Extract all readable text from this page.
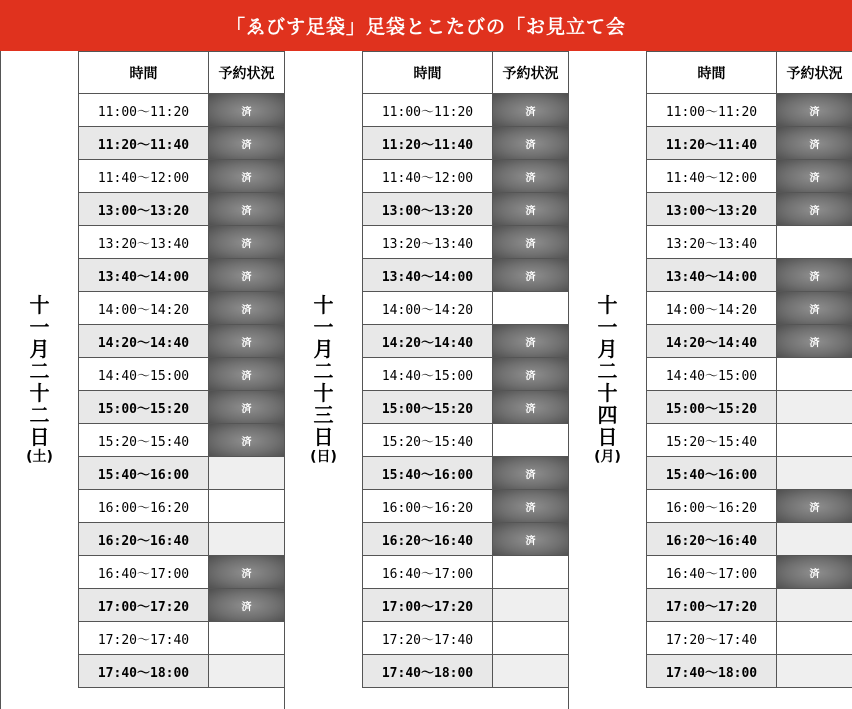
「ゑびす足袋」足袋とこたびの「お見立て会
十
一
月
二
十
二
日
(土)
時間	予約状況
11:00～11:20	済
11:20～11:40	済
11:40～12:00	済
13:00～13:20	済
13:20～13:40	済
13:40～14:00	済
14:00～14:20	済
14:20～14:40	済
14:40～15:00	済
15:00～15:20	済
15:20～15:40	済
15:40～16:00	
16:00～16:20	
16:20～16:40	
16:40～17:00	済
17:00～17:20	済
17:20～17:40	
17:40～18:00	
十
一
月
二
十
三
日
(日)
時間	予約状況
11:00～11:20	済
11:20～11:40	済
11:40～12:00	済
13:00～13:20	済
13:20～13:40	済
13:40～14:00	済
14:00～14:20	
14:20～14:40	済
14:40～15:00	済
15:00～15:20	済
15:20～15:40	
15:40～16:00	済
16:00～16:20	済
16:20～16:40	済
16:40～17:00	
17:00～17:20	
17:20～17:40	
17:40～18:00	
十
一
月
二
十
四
日
(月)
時間	予約状況
11:00～11:20	済
11:20～11:40	済
11:40～12:00	済
13:00～13:20	済
13:20～13:40	
13:40～14:00	済
14:00～14:20	済
14:20～14:40	済
14:40～15:00	
15:00～15:20	
15:20～15:40	
15:40～16:00	
16:00～16:20	済
16:20～16:40	
16:40～17:00	済
17:00～17:20	
17:20～17:40	
17:40～18:00	
